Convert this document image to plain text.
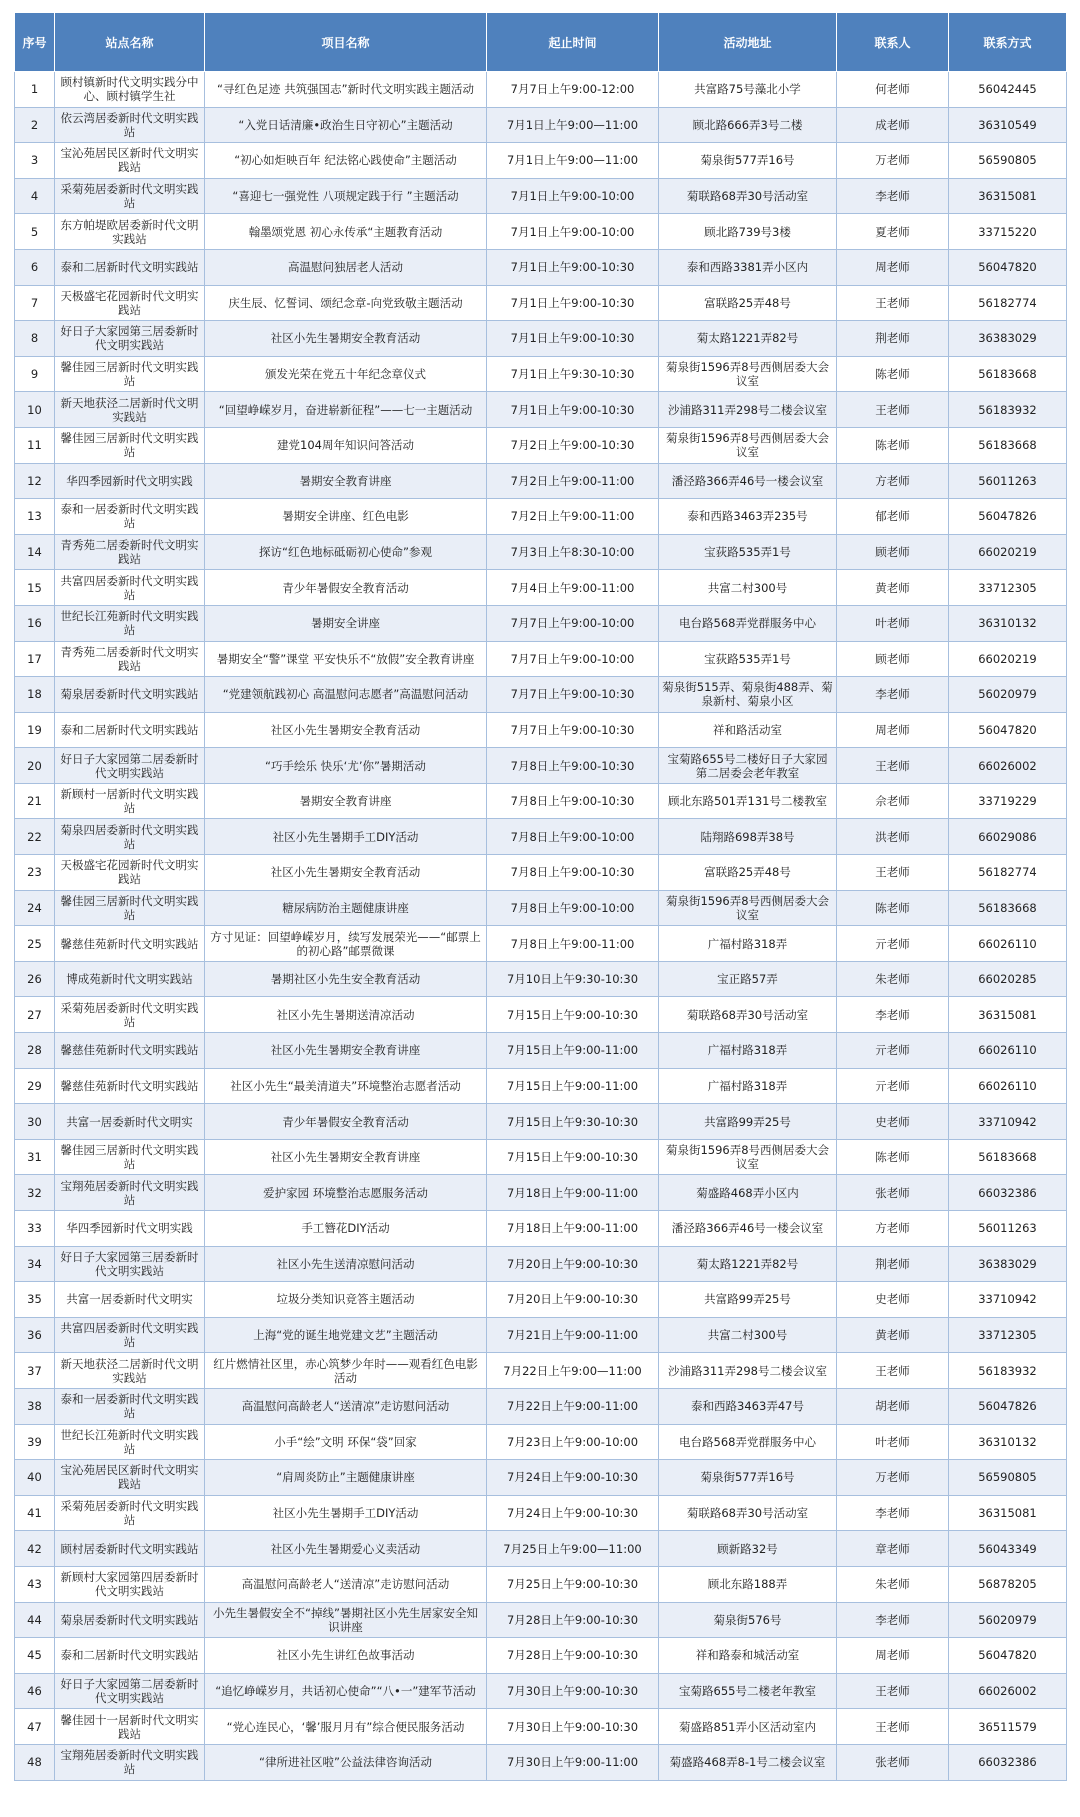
序号	站点名称	项目名称	起止时间	活动地址	联系人	联系方式
1	顾村镇新时代文明实践分中心、顾村镇学生社	“寻红色足迹 共筑强国志”新时代文明实践主题活动	7月7日上午9:00-12:00	共富路75号藻北小学	何老师	56042445
2	依云湾居委新时代文明实践站	“入党日话清廉•政治生日守初心”主题活动	7月1日上午9:00—11:00	顾北路666弄3号二楼	成老师	36310549
3	宝沁苑居民区新时代文明实践站	“初心如炬映百年 纪法铭心践使命”主题活动	7月1日上午9:00—11:00	菊泉街577弄16号	万老师	56590805
4	采菊苑居委新时代文明实践站	“喜迎七一强党性 八项规定践于行 ”主题活动	7月1日上午9:00-10:00	菊联路68弄30号活动室	李老师	36315081
5	东方帕堤欧居委新时代文明实践站	翰墨颂党恩 初心永传承“主题教育活动	7月1日上午9:00-10:00	顾北路739号3楼	夏老师	33715220
6	泰和二居新时代文明实践站	高温慰问独居老人活动	7月1日上午9:00-10:30	泰和西路3381弄小区内	周老师	56047820
7	天极盛宅花园新时代文明实践站	庆生辰、忆誓词、颂纪念章-向党致敬主题活动	7月1日上午9:00-10:30	富联路25弄48号	王老师	56182774
8	好日子大家园第三居委新时代文明实践站	社区小先生暑期安全教育活动	7月1日上午9:00-10:30	菊太路1221弄82号	荆老师	36383029
9	馨佳园三居新时代文明实践站	颁发光荣在党五十年纪念章仪式	7月1日上午9:30-10:30	菊泉街1596弄8号西侧居委大会议室	陈老师	56183668
10	新天地获泾二居新时代文明实践站	“回望峥嵘岁月，奋进崭新征程”——七一主题活动	7月1日上午9:00-10:30	沙浦路311弄298号二楼会议室	王老师	56183932
11	馨佳园三居新时代文明实践站	建党104周年知识问答活动	7月2日上午9:00-10:30	菊泉街1596弄8号西侧居委大会议室	陈老师	56183668
12	华四季园新时代文明实践	暑期安全教育讲座	7月2日上午9:00-11:00	潘泾路366弄46号一楼会议室	方老师	56011263
13	泰和一居委新时代文明实践站	暑期安全讲座、红色电影	7月2日上午9:00-11:00	泰和西路3463弄235号	郁老师	56047826
14	青秀苑二居委新时代文明实践站	探访“红色地标砥砺初心使命”参观	7月3日上午8:30-10:00	宝荻路535弄1号	顾老师	66020219
15	共富四居委新时代文明实践站	青少年暑假安全教育活动	7月4日上午9:00-11:00	共富二村300号	黄老师	33712305
16	世纪长江苑新时代文明实践站	暑期安全讲座	7月7日上午9:00-10:00	电台路568弄党群服务中心	叶老师	36310132
17	青秀苑二居委新时代文明实践站	暑期安全“警”课堂 平安快乐不“放假”安全教育讲座	7月7日上午9:00-10:00	宝荻路535弄1号	顾老师	66020219
18	菊泉居委新时代文明实践站	“党建领航践初心 高温慰问志愿者”高温慰问活动	7月7日上午9:00-10:30	菊泉街515弄、菊泉街488弄、菊泉新村、菊泉小区	李老师	56020979
19	泰和二居新时代文明实践站	社区小先生暑期安全教育活动	7月7日上午9:00-10:30	祥和路活动室	周老师	56047820
20	好日子大家园第二居委新时代文明实践站	“巧手绘乐 快乐‘尤’你”暑期活动	7月8日上午9:00-10:30	宝菊路655号二楼好日子大家园第二居委会老年教室	王老师	66026002
21	新顾村一居新时代文明实践站	暑期安全教育讲座	7月8日上午9:00-10:30	顾北东路501弄131号二楼教室	佘老师	33719229
22	菊泉四居委新时代文明实践站	社区小先生暑期手工DIY活动	7月8日上午9:00-10:00	陆翔路698弄38号	洪老师	66029086
23	天极盛宅花园新时代文明实践站	社区小先生暑期安全教育活动	7月8日上午9:00-10:30	富联路25弄48号	王老师	56182774
24	馨佳园三居新时代文明实践站	糖尿病防治主题健康讲座	7月8日上午9:00-10:00	菊泉街1596弄8号西侧居委大会议室	陈老师	56183668
25	馨慈佳苑新时代文明实践站	方寸见证：回望峥嵘岁月，续写发展荣光——“邮票上的初心路”邮票微课	7月8日上午9:00-11:00	广福村路318弄	亓老师	66026110
26	博成苑新时代文明实践站	暑期社区小先生安全教育活动	7月10日上午9:30-10:30	宝正路57弄	朱老师	66020285
27	采菊苑居委新时代文明实践站	社区小先生暑期送清凉活动	7月15日上午9:00-10:30	菊联路68弄30号活动室	李老师	36315081
28	馨慈佳苑新时代文明实践站	社区小先生暑期安全教育讲座	7月15日上午9:00-11:00	广福村路318弄	亓老师	66026110
29	馨慈佳苑新时代文明实践站	社区小先生“最美清道夫”环境整治志愿者活动	7月15日上午9:00-11:00	广福村路318弄	亓老师	66026110
30	共富一居委新时代文明实	青少年暑假安全教育活动	7月15日上午9:30-10:30	共富路99弄25号	史老师	33710942
31	馨佳园三居新时代文明实践站	社区小先生暑期安全教育讲座	7月15日上午9:00-10:30	菊泉街1596弄8号西侧居委大会议室	陈老师	56183668
32	宝翔苑居委新时代文明实践站	爱护家园 环境整治志愿服务活动	7月18日上午9:00-11:00	菊盛路468弄小区内	张老师	66032386
33	华四季园新时代文明实践	手工簪花DIY活动	7月18日上午9:00-11:00	潘泾路366弄46号一楼会议室	方老师	56011263
34	好日子大家园第三居委新时代文明实践站	社区小先生送清凉慰问活动	7月20日上午9:00-10:30	菊太路1221弄82号	荆老师	36383029
35	共富一居委新时代文明实	垃圾分类知识竞答主题活动	7月20日上午9:00-10:30	共富路99弄25号	史老师	33710942
36	共富四居委新时代文明实践站	上海“党的诞生地党建文艺”主题活动	7月21日上午9:00-11:00	共富二村300号	黄老师	33712305
37	新天地获泾二居新时代文明实践站	红片燃情社区里，赤心筑梦少年时——观看红色电影活动	7月22日上午9:00—11:00	沙浦路311弄298号二楼会议室	王老师	56183932
38	泰和一居委新时代文明实践站	高温慰问高龄老人“送清凉”走访慰问活动	7月22日上午9:00-11:00	泰和西路3463弄47号	胡老师	56047826
39	世纪长江苑新时代文明实践站	小手“绘”文明 环保“袋”回家	7月23日上午9:00-10:00	电台路568弄党群服务中心	叶老师	36310132
40	宝沁苑居民区新时代文明实践站	“肩周炎防止”主题健康讲座	7月24日上午9:00-10:30	菊泉街577弄16号	万老师	56590805
41	采菊苑居委新时代文明实践站	社区小先生暑期手工DIY活动	7月24日上午9:00-10:30	菊联路68弄30号活动室	李老师	36315081
42	顾村居委新时代文明实践站	社区小先生暑期爱心义卖活动	7月25日上午9:00—11:00	顾新路32号	章老师	56043349
43	新顾村大家园第四居委新时代文明实践站	高温慰问高龄老人“送清凉”走访慰问活动	7月25日上午9:00-10:30	顾北东路188弄	朱老师	56878205
44	菊泉居委新时代文明实践站	小先生暑假安全不“掉线”暑期社区小先生居家安全知识讲座	7月28日上午9:00-10:30	菊泉街576号	李老师	56020979
45	泰和二居新时代文明实践站	社区小先生讲红色故事活动	7月28日上午9:00-10:30	祥和路泰和城活动室	周老师	56047820
46	好日子大家园第二居委新时代文明实践站	“追忆峥嵘岁月，共话初心使命”“八•一”建军节活动	7月30日上午9:00-10:30	宝菊路655号二楼老年教室	王老师	66026002
47	馨佳园十一居新时代文明实践站	“党心连民心，‘馨’服月月有”综合便民服务活动	7月30日上午9:00-10:30	菊盛路851弄小区活动室内	王老师	36511579
48	宝翔苑居委新时代文明实践站	“律所进社区啦”公益法律咨询活动	7月30日上午9:00-11:00	菊盛路468弄8-1号二楼会议室	张老师	66032386
